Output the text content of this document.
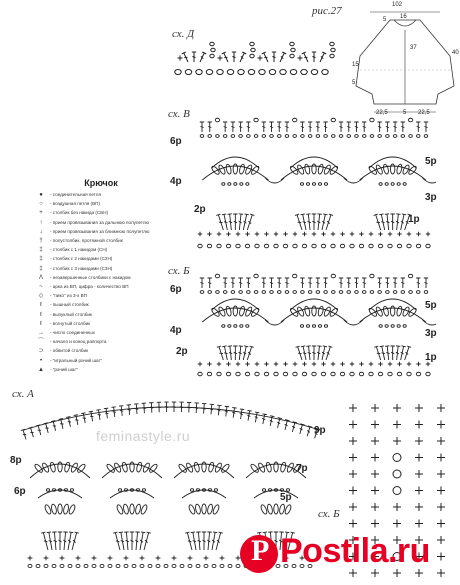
рис.27	102
16
5
40
37
15
5
22,5	5 22,5
сх. Д
сх. В
6р
5р
4р
3р
2р
1р
Крючок
● - соединительная петля
○ - воздушная петля (ВП)
+ - столбик без накида (СБН)
↑ - прием провязывания за дальнюю полупетлю
↓ - прием провязывания за ближнюю полупетлю
† - полустолбик, протяжной столбик
‡ - столбик с 1 накидом (СН)
‡ - столбик с 2 накидами (С2Н)
‡ - столбик с 3 накидами (С3Н)
Λ - незавершенные столбики с накидом
~ - арка из ВП, цифра - количество ВП
◇ - "пико" из 3-х ВП
ℓ - пышный столбик
ℓ - выпуклый столбик
ℓ - вогнутый столбик
→ - число соединенных
⌒ - начало и конец раппорта
⊃ - обвитой столбик
• - "игральный рачий шаг"
▲ - "рачий шаг"
сх. Б
6р
5р
4р	3р
2р
1р
сх. А
9р
8р
7р
6р
5р
feminastyle.ru
сх. Б
P Postila.ru
